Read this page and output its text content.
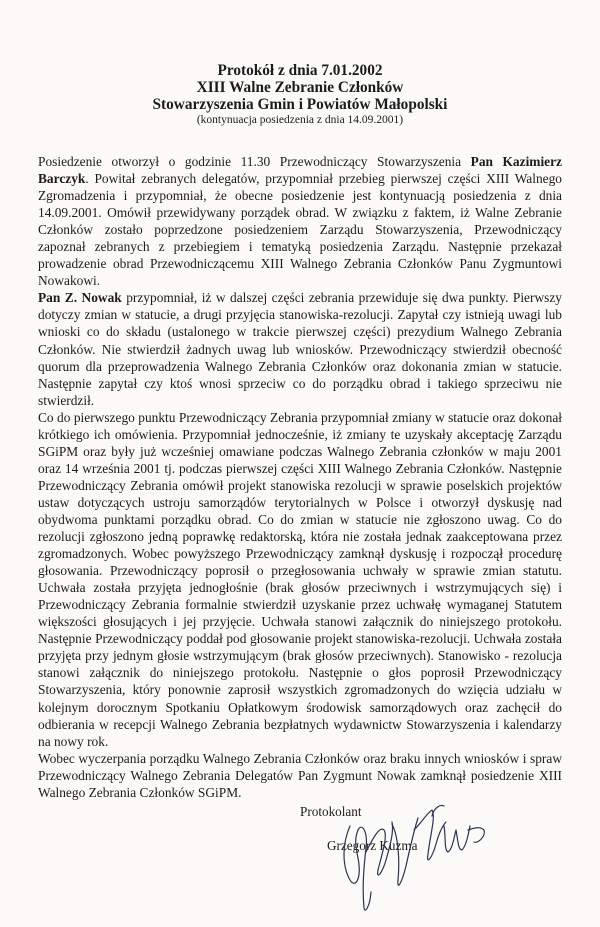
Protokół z dnia 7.01.2002

XIII Walne Zebranie Członków

Stowarzyszenia Gmin i Powiatów Małopolski

(kontynuacja posiedzenia z dnia 14.09.2001)

Posiedzenie otworzył o godzinie 11.30 Przewodniczący Stowarzyszenia Pan Kazimierz Barczyk. Powitał zebranych delegatów, przypomniał przebieg pierwszej części XIII Walnego Zgromadzenia i przypomniał, że obecne posiedzenie jest kontynuacją posiedzenia z dnia 14.09.2001. Omówił przewidywany porządek obrad. W związku z faktem, iż Walne Zebranie Członków zostało poprzedzone posiedzeniem Zarządu Stowarzyszenia, Przewodniczący zapoznał zebranych z przebiegiem i tematyką posiedzenia Zarządu. Następnie przekazał prowadzenie obrad Przewodniczącemu XIII Walnego Zebrania Członków Panu Zygmuntowi Nowakowi.

Pan Z. Nowak przypomniał, iż w dalszej części zebrania przewiduje się dwa punkty. Pierwszy dotyczy zmian w statucie, a drugi przyjęcia stanowiska-rezolucji. Zapytał czy istnieją uwagi lub wnioski co do składu (ustalonego w trakcie pierwszej części) prezydium Walnego Zebrania Członków. Nie stwierdził żadnych uwag lub wniosków. Przewodniczący stwierdził obecność quorum dla przeprowadzenia Walnego Zebrania Członków oraz dokonania zmian w statucie. Następnie zapytał czy ktoś wnosi sprzeciw co do porządku obrad i takiego sprzeciwu nie stwierdził.

Co do pierwszego punktu Przewodniczący Zebrania przypomniał zmiany w statucie oraz dokonał krótkiego ich omówienia. Przypomniał jednocześnie, iż zmiany te uzyskały akceptację Zarządu SGiPM oraz były już wcześniej omawiane podczas Walnego Zebrania członków w maju 2001 oraz 14 września 2001 tj. podczas pierwszej części XIII Walnego Zebrania Członków. Następnie Przewodniczący Zebrania omówił projekt stanowiska rezolucji w sprawie poselskich projektów ustaw dotyczących ustroju samorządów terytorialnych w Polsce i otworzył dyskusję nad obydwoma punktami porządku obrad. Co do zmian w statucie nie zgłoszono uwag. Co do rezolucji zgłoszono jedną poprawkę redaktorską, która nie została jednak zaakceptowana przez zgromadzonych. Wobec powyższego Przewodniczący zamknął dyskusję i rozpoczął procedurę głosowania. Przewodniczący poprosił o przegłosowania uchwały w sprawie zmian statutu. Uchwała została przyjęta jednogłośnie (brak głosów przeciwnych i wstrzymujących się) i Przewodniczący Zebrania formalnie stwierdził uzyskanie przez uchwałę wymaganej Statutem większości głosujących i jej przyjęcie. Uchwała stanowi załącznik do niniejszego protokołu. Następnie Przewodniczący poddał pod głosowanie projekt stanowiska-rezolucji. Uchwała została przyjęta przy jednym głosie wstrzymującym (brak głosów przeciwnych). Stanowisko - rezolucja stanowi załącznik do niniejszego protokołu. Następnie o głos poprosił Przewodniczący Stowarzyszenia, który ponownie zaprosił wszystkich zgromadzonych do wzięcia udziału w kolejnym dorocznym Spotkaniu Opłatkowym środowisk samorządowych oraz zachęcił do odbierania w recepcji Walnego Zebrania bezpłatnych wydawnictw Stowarzyszenia i kalendarzy na nowy rok.

Wobec wyczerpania porządku Walnego Zebrania Członków oraz braku innych wniosków i spraw Przewodniczący Walnego Zebrania Delegatów Pan Zygmunt Nowak zamknął posiedzenie XIII Walnego Zebrania Członków SGiPM.

Protokolant
Grzegorz Kuzma
